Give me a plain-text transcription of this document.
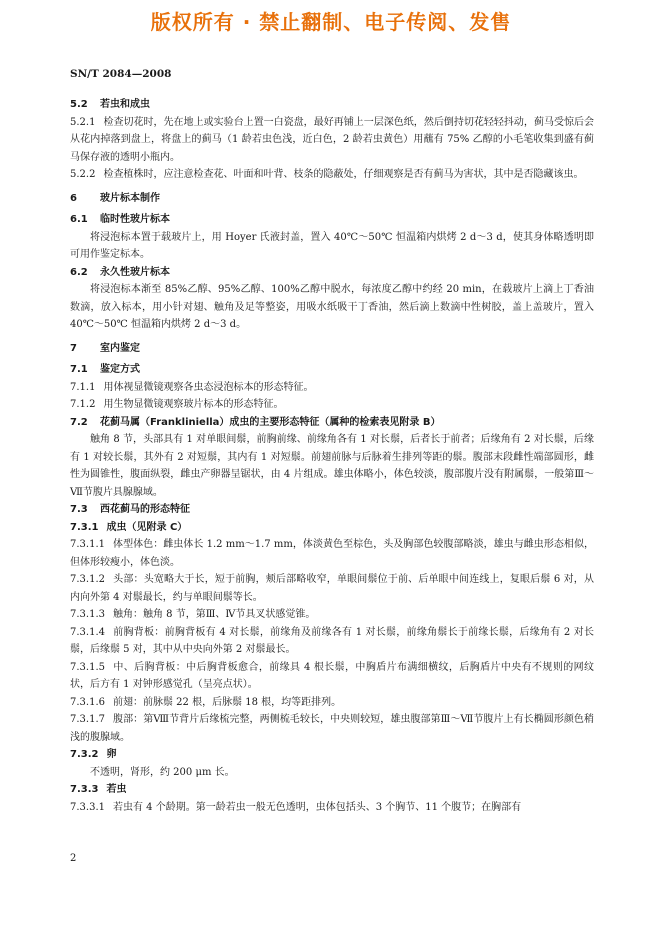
版权所有 · 禁止翻制、电子传阅、发售
SN/T 2084—2008
5.2 若虫和成虫
5.2.1 检查切花时，先在地上或实验台上置一白瓷盘，最好再铺上一层深色纸，然后倒持切花轻轻抖动，蓟马受惊后会从花内掉落到盘上，将盘上的蓟马（1 龄若虫色浅，近白色，2 龄若虫黄色）用蘸有 75% 乙醇的小毛笔收集到盛有蓟马保存液的透明小瓶内。
5.2.2 检查植株时，应注意检查花、叶面和叶背、枝条的隐蔽处，仔细观察是否有蓟马为害状，其中是否隐藏该虫。
6 玻片标本制作
6.1 临时性玻片标本
将浸泡标本置于载玻片上，用 Hoyer 氏液封盖，置入 40℃～50℃ 恒温箱内烘烤 2 d～3 d，使其身体略透明即可用作鉴定标本。
6.2 永久性玻片标本
将浸泡标本渐至 85%乙醇、95%乙醇、100%乙醇中脱水，每浓度乙醇中约经 20 min，在载玻片上滴上丁香油数滴，放入标本，用小针对翅、触角及足等整姿，用吸水纸吸干丁香油，然后滴上数滴中性树胶，盖上盖玻片，置入 40℃～50℃ 恒温箱内烘烤 2 d～3 d。
7 室内鉴定
7.1 鉴定方式
7.1.1 用体视显微镜观察各虫态浸泡标本的形态特征。
7.1.2 用生物显微镜观察玻片标本的形态特征。
7.2 花蓟马属（Frankliniella）成虫的主要形态特征（属种的检索表见附录 B）
触角 8 节，头部具有 1 对单眼间鬃，前胸前缘、前缘角各有 1 对长鬃，后者长于前者；后缘角有 2 对长鬃，后缘有 1 对较长鬃，其外有 2 对短鬃，其内有 1 对短鬃。前翅前脉与后脉着生排列等距的鬃。腹部末段雌性端部圆形，雌性为圆锥性，腹面纵裂，雌虫产卵器呈锯状，由 4 片组成。雄虫体略小，体色较淡，腹部腹片没有附属鬃，一般第Ⅲ～Ⅶ节腹片具腺腺域。
7.3 西花蓟马的形态特征
7.3.1 成虫（见附录 C）
7.3.1.1 体型体色：雌虫体长 1.2 mm～1.7 mm，体淡黄色至棕色，头及胸部色较腹部略淡，雄虫与雌虫形态相似，但体形较瘦小，体色淡。
7.3.1.2 头部：头宽略大于长，短于前胸，颊后部略收窄，单眼间鬃位于前、后单眼中间连线上，复眼后鬃 6 对，从内向外第 4 对鬃最长，约与单眼间鬃等长。
7.3.1.3 触角：触角 8 节，第Ⅲ、Ⅳ节具叉状感觉锥。
7.3.1.4 前胸背板：前胸背板有 4 对长鬃，前缘角及前缘各有 1 对长鬃，前缘角鬃长于前缘长鬃，后缘角有 2 对长鬃，后缘鬃 5 对，其中从中央向外第 2 对鬃最长。
7.3.1.5 中、后胸背板：中后胸背板愈合，前缘具 4 根长鬃，中胸盾片布满细横纹，后胸盾片中央有不规则的网纹状，后方有 1 对钟形感觉孔（呈亮点状）。
7.3.1.6 前翅：前脉鬃 22 根，后脉鬃 18 根，均等距排列。
7.3.1.7 腹部：第Ⅷ节背片后缘梳完整，两侧梳毛较长，中央则较短，雄虫腹部第Ⅲ～Ⅶ节腹片上有长椭圆形颜色稍浅的腹腺域。
7.3.2 卵
不透明，肾形，约 200 μm 长。
7.3.3 若虫
7.3.3.1 若虫有 4 个龄期。第一龄若虫一般无色透明，虫体包括头、3 个胸节、11 个腹节；在胸部有
2
